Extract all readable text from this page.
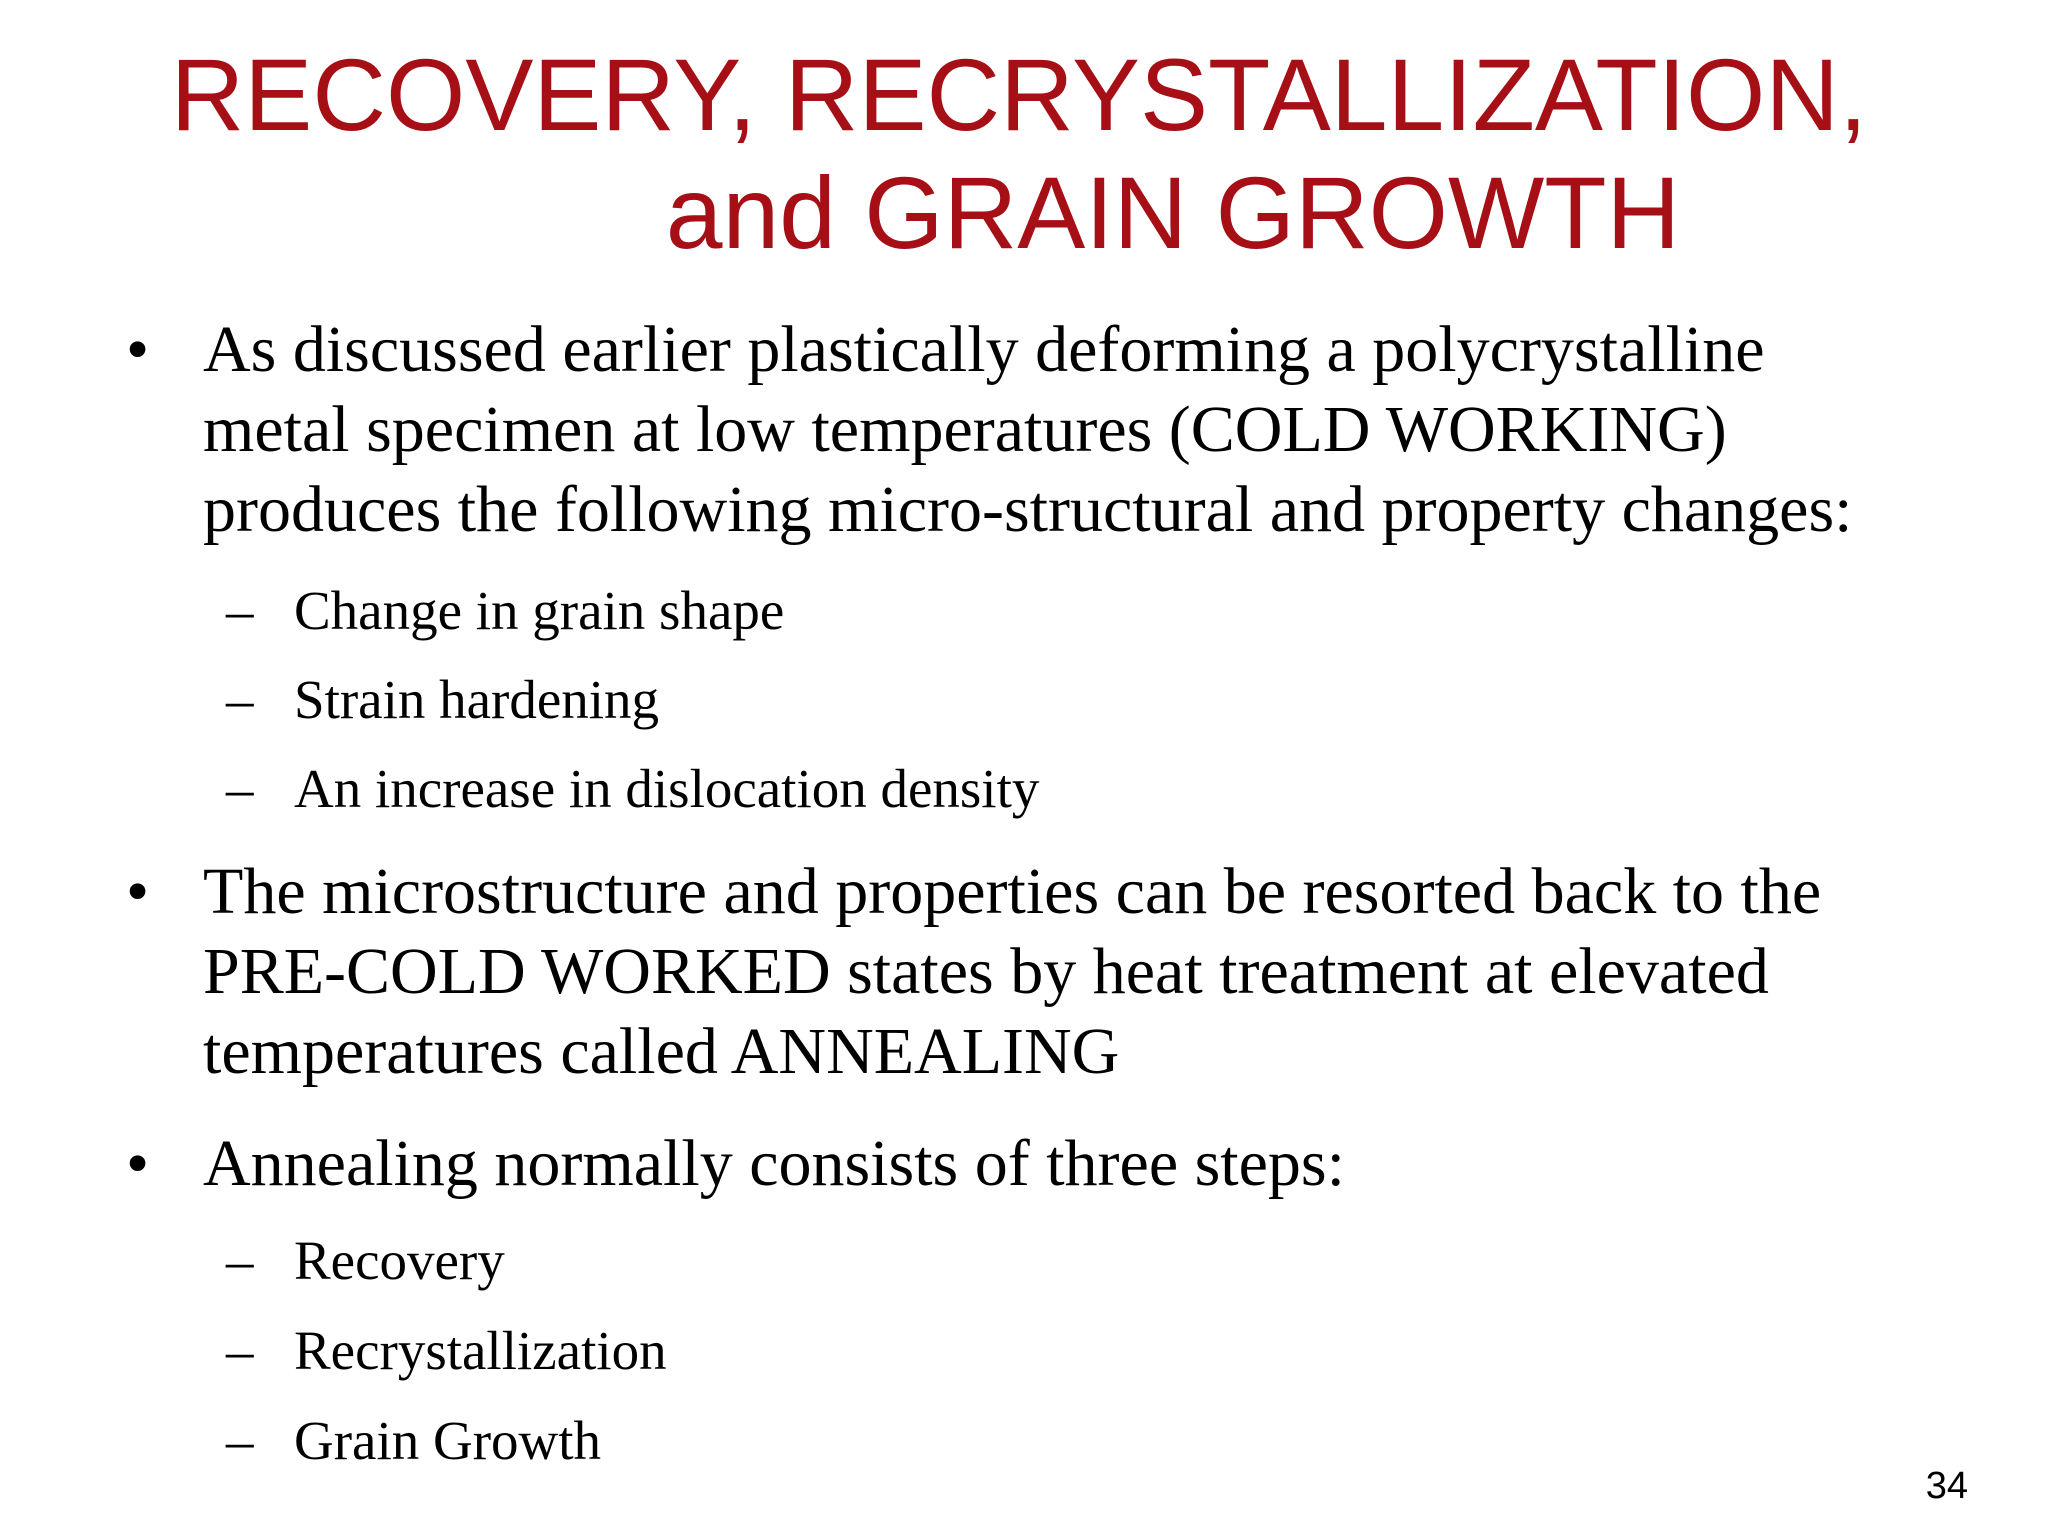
RECOVERY, RECRYSTALLIZATION,
and GRAIN GROWTH
• As discussed earlier plastically deforming a polycrystalline
metal specimen at low temperatures (COLD WORKING)
produces the following micro-structural and property changes:
– Change in grain shape
– Strain hardening
– An increase in dislocation density
• The microstructure and properties can be resorted back to the
PRE-COLD WORKED states by heat treatment at elevated
temperatures called ANNEALING
• Annealing normally consists of three steps:
– Recovery
– Recrystallization
– Grain Growth
34
